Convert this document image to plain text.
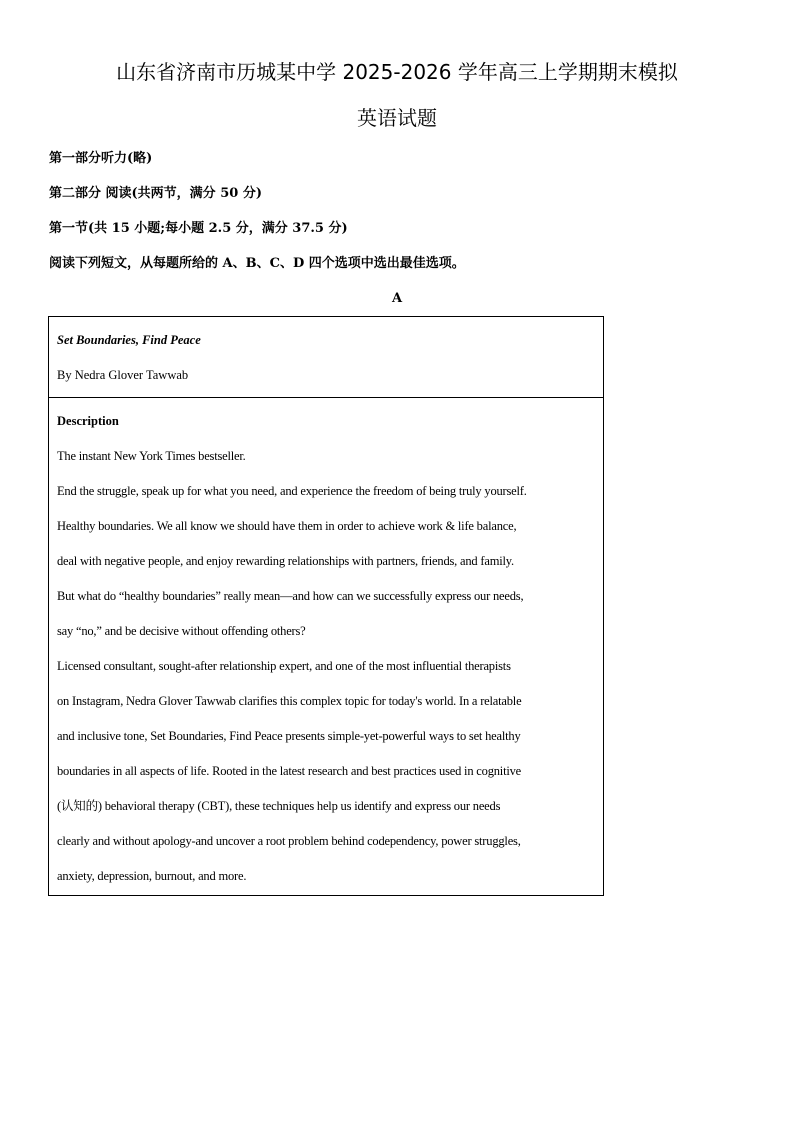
山东省济南市历城某中学 2025-2026 学年高三上学期期末模拟
英语试题
第一部分听力(略)
第二部分 阅读(共两节，满分 50 分)
第一节(共 15 小题;每小题 2.5 分，满分 37.5 分)
阅读下列短文，从每题所给的 A、B、C、D 四个选项中选出最佳选项。
A
Set Boundaries, Find Peace
By Nedra Glover Tawwab
Description
The instant New York Times bestseller.
End the struggle, speak up for what you need, and experience the freedom of being truly yourself.
Healthy boundaries. We all know we should have them in order to achieve work & life balance,
deal with negative people, and enjoy rewarding relationships with partners, friends, and family.
But what do “healthy boundaries” really mean—and how can we successfully express our needs,
say “no,” and be decisive without offending others?
Licensed consultant, sought-after relationship expert, and one of the most influential therapists
on Instagram, Nedra Glover Tawwab clarifies this complex topic for today's world. In a relatable
and inclusive tone, Set Boundaries, Find Peace presents simple-yet-powerful ways to set healthy
boundaries in all aspects of life. Rooted in the latest research and best practices used in cognitive
(认知的) behavioral therapy (CBT), these techniques help us identify and express our needs
clearly and without apology-and uncover a root problem behind codependency, power struggles,
anxiety, depression, burnout, and more.
